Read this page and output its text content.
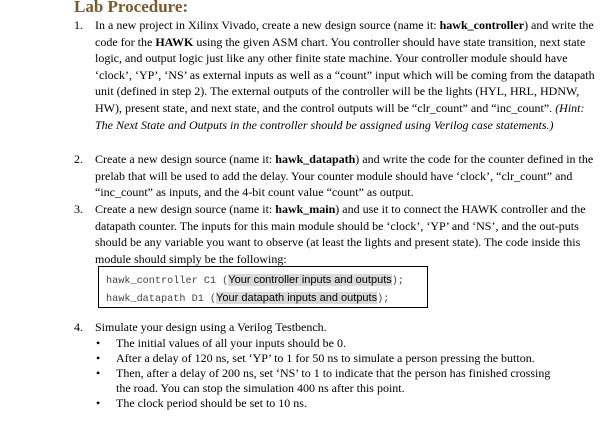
Lab Procedure:
1. In a new project in Xilinx Vivado, create a new design source (name it: hawk_controller) and write the code for the HAWK using the given ASM chart. You controller should have state transition, next state logic, and output logic just like any other finite state machine. Your controller module should have ‘clock’, ‘YP’, ‘NS’ as external inputs as well as a “count” input which will be coming from the datapath unit (defined in step 2). The external outputs of the controller will be the lights (HYL, HRL, HDNW, HW), present state, and next state, and the control outputs will be “clr_count” and “inc_count”. (Hint: The Next State and Outputs in the controller should be assigned using Verilog case statements.)
2. Create a new design source (name it: hawk_datapath) and write the code for the counter defined in the prelab that will be used to add the delay. Your counter module should have ‘clock’, “clr_count” and “inc_count” as inputs, and the 4-bit count value “count” as output.
3. Create a new design source (name it: hawk_main) and use it to connect the HAWK controller and the datapath counter. The inputs for this main module should be ‘clock’, ‘YP’ and ‘NS’, and the out-puts should be any variable you want to observe (at least the lights and present state). The code inside this module should simply be the following:
hawk_controller C1 (Your controller inputs and outputs);
hawk_datapath D1 (Your datapath inputs and outputs);
4. Simulate your design using a Verilog Testbench.
• The initial values of all your inputs should be 0.
• After a delay of 120 ns, set ‘YP’ to 1 for 50 ns to simulate a person pressing the button.
• Then, after a delay of 200 ns, set ‘NS’ to 1 to indicate that the person has finished crossing the road. You can stop the simulation 400 ns after this point.
• The clock period should be set to 10 ns.
